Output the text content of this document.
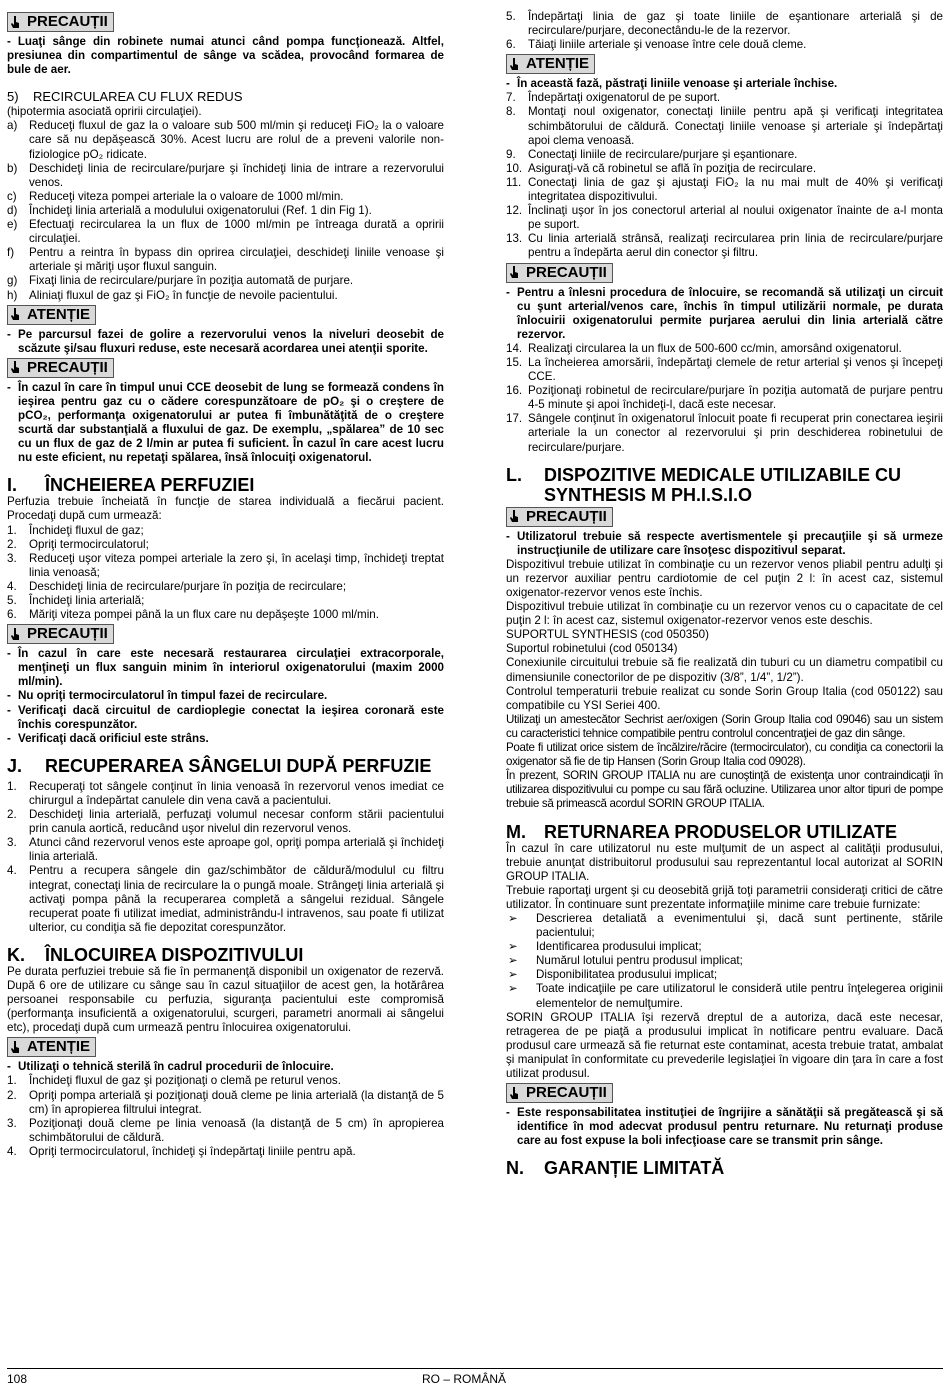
PRECAUȚII

- Luaţi sânge din robinete numai atunci când pompa funcţionează. Altfel, presiunea din compartimentul de sânge va scădea, provocând formarea de bule de aer.

5) RECIRCULAREA CU FLUX REDUS

(hipotermia asociată opririi circulaţiei).

a) Reduceţi fluxul de gaz la o valoare sub 500 ml/min şi reduceţi FiO₂ la o valoare care să nu depăşească 30%. Acest lucru are rolul de a preveni valorile non-fiziologice pO₂ ridicate.
b) Deschideţi linia de recirculare/purjare şi închideţi linia de intrare a rezervorului venos.
c) Reduceţi viteza pompei arteriale la o valoare de 1000 ml/min.
d) Închideţi linia arterială a modulului oxigenatorului (Ref. 1 din Fig 1).
e) Efectuaţi recircularea la un flux de 1000 ml/min pe întreaga durată a opririi circulaţiei.
f) Pentru a reintra în bypass din oprirea circulaţiei, deschideţi liniile venoase şi arteriale şi măriţi uşor fluxul sanguin.
g) Fixaţi linia de recirculare/purjare în poziţia automată de purjare.
h) Aliniaţi fluxul de gaz şi FiO₂ în funcţie de nevoile pacientului.
ATENȚIE
- Pe parcursul fazei de golire a rezervorului venos la niveluri deosebit de scăzute şi/sau fluxuri reduse, este necesară acordarea unei atenţii sporite.
PRECAUȚII
- În cazul în care în timpul unui CCE deosebit de lung se formează condens în ieşirea pentru gaz cu o cădere corespunzătoare de pO₂ şi o creştere de pCO₂, performanţa oxigenatorului ar putea fi îmbunătăţită de o creştere scurtă dar substanţială a fluxului de gaz. De exemplu, „spălarea” de 10 sec cu un flux de gaz de 2 l/min ar putea fi suficient. În cazul în care acest lucru nu este eficient, nu repetaţi spălarea, însă înlocuiţi oxigenatorul.
I. ÎNCHEIEREA PERFUZIEI

Perfuzia trebuie încheiată în funcţie de starea individuală a fiecărui pacient. Procedaţi după cum urmează:

1. Închideţi fluxul de gaz;
2. Opriţi termocirculatorul;
3. Reduceţi uşor viteza pompei arteriale la zero şi, în acelaşi timp, închideţi treptat linia venoasă;
4. Deschideţi linia de recirculare/purjare în poziţia de recirculare;
5. Închideţi linia arterială;
6. Măriţi viteza pompei până la un flux care nu depăşeşte 1000 ml/min.
PRECAUȚII
- În cazul în care este necesară restaurarea circulaţiei extracorporale, menţineţi un flux sanguin minim în interiorul oxigenatorului (maxim 2000 ml/min).
- Nu opriţi termocirculatorul în timpul fazei de recirculare.
- Verificaţi dacă circuitul de cardioplegie conectat la ieşirea coronară este închis corespunzător.
- Verificaţi dacă orificiul este strâns.
J. RECUPERAREA SÂNGELUI DUPĂ PERFUZIE
1. Recuperaţi tot sângele conţinut în linia venoasă în rezervorul venos imediat ce chirurgul a îndepărtat canulele din vena cavă a pacientului.
2. Deschideţi linia arterială, perfuzaţi volumul necesar conform stării pacientului prin canula aortică, reducând uşor nivelul din rezervorul venos.
3. Atunci când rezervorul venos este aproape gol, opriţi pompa arterială şi închideţi linia arterială.
4. Pentru a recupera sângele din gaz/schimbător de căldură/modulul cu filtru integrat, conectaţi linia de recirculare la o pungă moale. Strângeţi linia arterială şi activaţi pompa până la recuperarea completă a sângelui rezidual. Sângele recuperat poate fi utilizat imediat, administrându-l intravenos, sau poate fi utilizat ulterior, cu condiţia să fie depozitat corespunzător.
K. ÎNLOCUIREA DISPOZITIVULUI

Pe durata perfuziei trebuie să fie în permanenţă disponibil un oxigenator de rezervă. După 6 ore de utilizare cu sânge sau în cazul situaţiilor de acest gen, la hotărârea persoanei responsabile cu perfuzia, siguranţa pacientului este compromisă (performanţa insuficientă a oxigenatorului, scurgeri, parametri anormali ai sângelui etc), procedaţi după cum urmează pentru înlocuirea oxigenatorului.

ATENȚIE
- Utilizaţi o tehnică sterilă în cadrul procedurii de înlocuire.
1. Închideţi fluxul de gaz şi poziţionaţi o clemă pe returul venos.
2. Opriţi pompa arterială şi poziţionaţi două cleme pe linia arterială (la distanţă de 5 cm) în apropierea filtrului integrat.
3. Poziţionaţi două cleme pe linia venoasă (la distanţă de 5 cm) în apropierea schimbătorului de căldură.
4. Opriţi termocirculatorul, închideţi şi îndepărtaţi liniile pentru apă.
5. Îndepărtaţi linia de gaz şi toate liniile de eşantionare arterială şi de recirculare/purjare, deconectându-le de la rezervor.
6. Tăiaţi liniile arteriale şi venoase între cele două cleme.
ATENȚIE
- În această fază, păstraţi liniile venoase şi arteriale închise.
7. Îndepărtaţi oxigenatorul de pe suport.
8. Montaţi noul oxigenator, conectaţi liniile pentru apă şi verificaţi integritatea schimbătorului de căldură. Conectaţi liniile venoase şi arteriale şi îndepărtaţi apoi clema venoasă.
9. Conectaţi liniile de recirculare/purjare şi eşantionare.
10. Asiguraţi-vă că robinetul se află în poziţia de recirculare.
11. Conectaţi linia de gaz şi ajustaţi FiO₂ la nu mai mult de 40% şi verificaţi integritatea dispozitivului.
12. Înclinaţi uşor în jos conectorul arterial al noului oxigenator înainte de a-l monta pe suport.
13. Cu linia arterială strânsă, realizaţi recircularea prin linia de recirculare/purjare pentru a îndepărta aerul din conector şi filtru.
PRECAUȚII
- Pentru a înlesni procedura de înlocuire, se recomandă să utilizaţi un circuit cu şunt arterial/venos care, închis în timpul utilizării normale, pe durata înlocuirii oxigenatorului permite purjarea aerului din linia arterială către rezervor.
14. Realizaţi circularea la un flux de 500-600 cc/min, amorsând oxigenatorul.
15. La încheierea amorsării, îndepărtaţi clemele de retur arterial şi venos şi începeţi CCE.
16. Poziţionaţi robinetul de recirculare/purjare în poziţia automată de purjare pentru 4-5 minute şi apoi închideţi-l, dacă este necesar.
17. Sângele conţinut în oxigenatorul înlocuit poate fi recuperat prin conectarea ieşirii arteriale la un conector al rezervorului şi prin deschiderea robinetului de recirculare/purjare.
L. DISPOZITIVE MEDICALE UTILIZABILE CU SYNTHESIS M PH.I.S.I.O
PRECAUȚII
- Utilizatorul trebuie să respecte avertismentele şi precauţiile şi să urmeze instrucţiunile de utilizare care însoţesc dispozitivul separat.

Dispozitivul trebuie utilizat în combinaţie cu un rezervor venos pliabil pentru adulţi şi un rezervor auxiliar pentru cardiotomie de cel puţin 2 l: în acest caz, sistemul oxigenator-rezervor venos este închis.

Dispozitivul trebuie utilizat în combinaţie cu un rezervor venos cu o capacitate de cel puţin 2 l: în acest caz, sistemul oxigenator-rezervor venos este deschis.

SUPORTUL SYNTHESIS (cod 050350)

Suportul robinetului (cod 050134)

Conexiunile circuitului trebuie să fie realizată din tuburi cu un diametru compatibil cu dimensiunile conectorilor de pe dispozitiv (3/8”, 1/4”, 1/2”).

Controlul temperaturii trebuie realizat cu sonde Sorin Group Italia (cod 050122) sau compatibile cu YSI Seriei 400.

Utilizaţi un amestecător Sechrist aer/oxigen (Sorin Group Italia cod 09046) sau un sistem cu caracteristici tehnice compatibile pentru controlul concentraţiei de gaz din sânge.

Poate fi utilizat orice sistem de încălzire/răcire (termocirculator), cu condiţia ca conectorii la oxigenator să fie de tip Hansen (Sorin Group Italia cod 09028).

În prezent, SORIN GROUP ITALIA nu are cunoştinţă de existenţa unor contraindicaţii în utilizarea dispozitivului cu pompe cu sau fără ocluzine. Utilizarea unor altor tipuri de pompe trebuie să primească acordul SORIN GROUP ITALIA.

M. RETURNAREA PRODUSELOR UTILIZATE

În cazul în care utilizatorul nu este mulţumit de un aspect al calităţii produsului, trebuie anunţat distribuitorul produsului sau reprezentantul local autorizat al SORIN GROUP ITALIA.

Trebuie raportaţi urgent şi cu deosebită grijă toţi parametrii consideraţi critici de către utilizator. În continuare sunt prezentate informaţiile minime care trebuie furnizate:

➢ Descrierea detaliată a evenimentului şi, dacă sunt pertinente, stările pacientului;
➢ Identificarea produsului implicat;
➢ Numărul lotului pentru produsul implicat;
➢ Disponibilitatea produsului implicat;
➢ Toate indicaţiile pe care utilizatorul le consideră utile pentru înţelegerea originii elementelor de nemulţumire.

SORIN GROUP ITALIA îşi rezervă dreptul de a autoriza, dacă este necesar, retragerea de pe piaţă a produsului implicat în notificare pentru evaluare. Dacă produsul care urmează să fie returnat este contaminat, acesta trebuie tratat, ambalat şi manipulat în conformitate cu prevederile legislaţiei în vigoare din ţara în care a fost utilizat produsul.

PRECAUȚII
- Este responsabilitatea instituţiei de îngrijire a sănătăţii să pregătească şi să identifice în mod adecvat produsul pentru returnare. Nu returnaţi produse care au fost expuse la boli infecţioase care se transmit prin sânge.
N. GARANȚIE LIMITATĂ
108	RO – ROMÂNĂ
